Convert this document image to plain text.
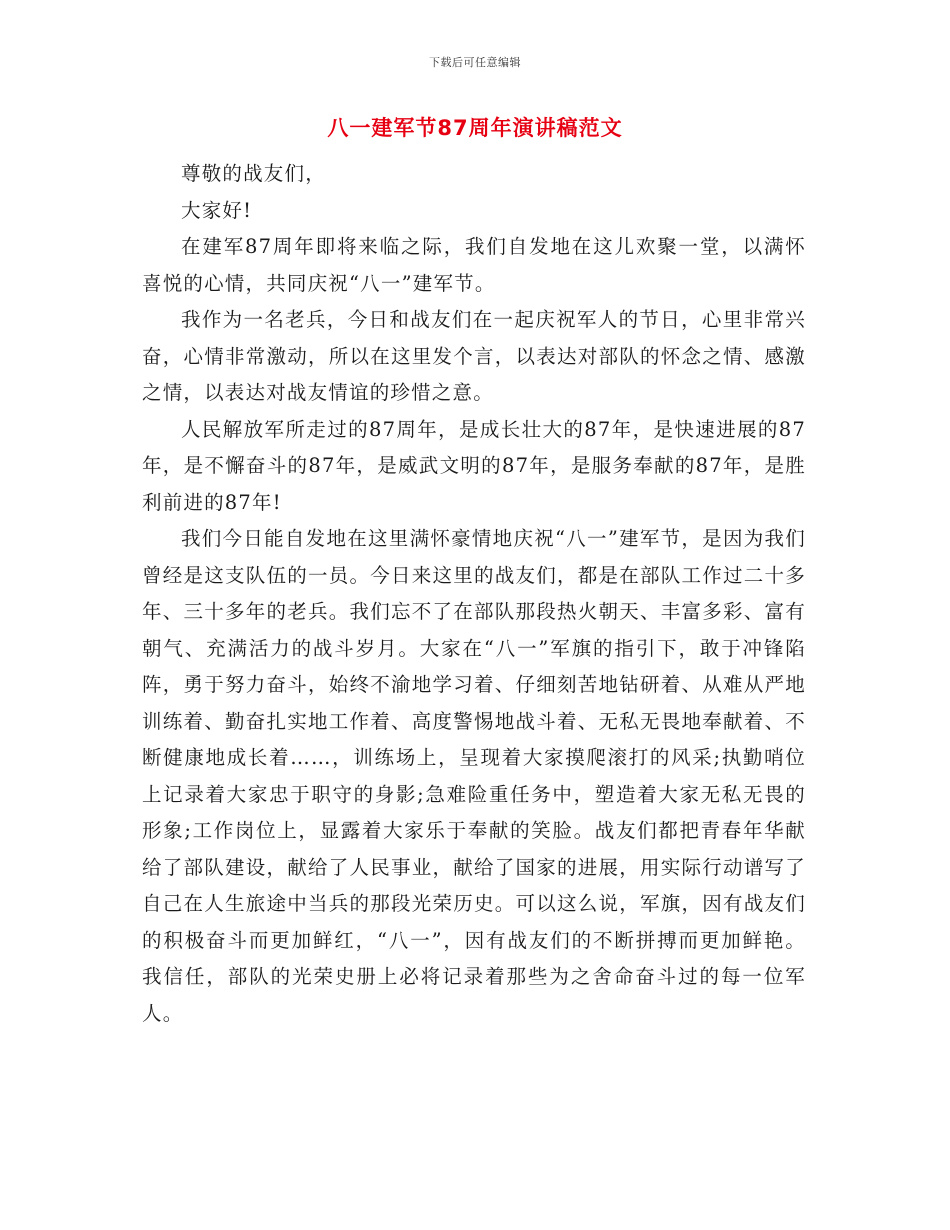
下载后可任意编辑
八一建军节87周年演讲稿范文

尊敬的战友们，

大家好!

在建军87周年即将来临之际，我们自发地在这儿欢聚一堂，以满怀喜悦的心情，共同庆祝“八一”建军节。

我作为一名老兵，今日和战友们在一起庆祝军人的节日，心里非常兴奋，心情非常激动，所以在这里发个言，以表达对部队的怀念之情、感激之情，以表达对战友情谊的珍惜之意。

人民解放军所走过的87周年，是成长壮大的87年，是快速进展的87年，是不懈奋斗的87年，是威武文明的87年，是服务奉献的87年，是胜利前进的87年!

我们今日能自发地在这里满怀豪情地庆祝“八一”建军节，是因为我们曾经是这支队伍的一员。今日来这里的战友们，都是在部队工作过二十多年、三十多年的老兵。我们忘不了在部队那段热火朝天、丰富多彩、富有朝气、充满活力的战斗岁月。大家在“八一”军旗的指引下，敢于冲锋陷阵，勇于努力奋斗，始终不渝地学习着、仔细刻苦地钻研着、从难从严地训练着、勤奋扎实地工作着、高度警惕地战斗着、无私无畏地奉献着、不断健康地成长着……，训练场上，呈现着大家摸爬滚打的风采;执勤哨位上记录着大家忠于职守的身影;急难险重任务中，塑造着大家无私无畏的形象;工作岗位上，显露着大家乐于奉献的笑脸。战友们都把青春年华献给了部队建设，献给了人民事业，献给了国家的进展，用实际行动谱写了自己在人生旅途中当兵的那段光荣历史。可以这么说，军旗，因有战友们的积极奋斗而更加鲜红，“八一”，因有战友们的不断拼搏而更加鲜艳。我信任，部队的光荣史册上必将记录着那些为之舍命奋斗过的每一位军人。
